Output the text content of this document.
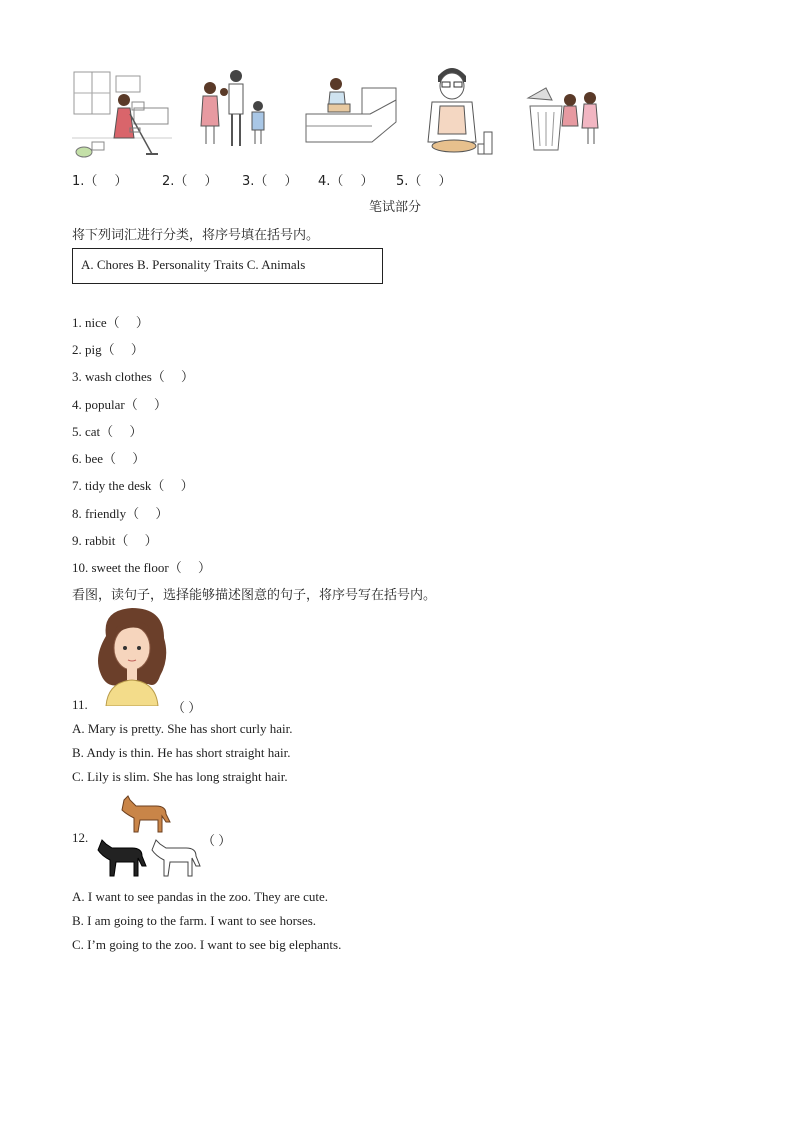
1.（　 ）	2.（　 ） 3.（　 ） 4.（　 ） 5.（　 ）
笔试部分
将下列词汇进行分类，将序号填在括号内。
A. Chores B. Personality Traits C. Animals
1. nice（　 ）
2. pig（　 ）
3. wash clothes（　 ）
4. popular（　 ）
5. cat（　 ）
6. bee（　 ）
7. tidy the desk（　 ）
8. friendly（　 ）
9. rabbit（　 ）
10. sweet the floor（　 ）
看图，读句子，选择能够描述图意的句子，将序号写在括号内。
11.	（ ）
A. Mary is pretty. She has short curly hair.
B. Andy is thin. He has short straight hair.
C. Lily is slim. She has long straight hair.
12.	（ ）
A. I want to see pandas in the zoo. They are cute.
B. I am going to the farm. I want to see horses.
C. I’m going to the zoo. I want to see big elephants.
